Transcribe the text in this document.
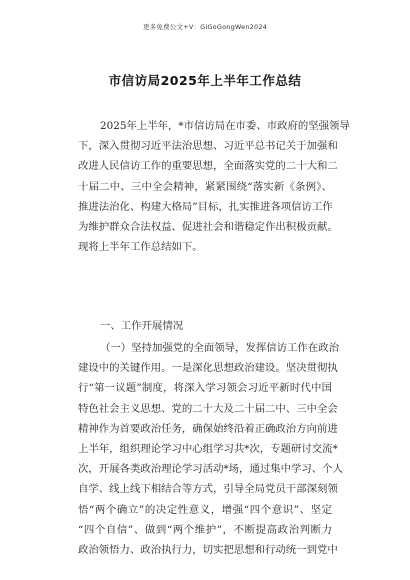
更多免费公文+V：GiGoGongWen2024
市信访局2025年上半年工作总结
2025年上半年，*市信访局在市委、市政府的坚强领导
下，深入贯彻习近平法治思想、习近平总书记关于加强和
改进人民信访工作的重要思想，全面落实党的二十大和二
十届二中、三中全会精神，紧紧围绕“落实新《条例》、
推进法治化、构建大格局”目标，扎实推进各项信访工作
为维护群众合法权益、促进社会和谐稳定作出积极贡献。
现将上半年工作总结如下。
一、工作开展情况
（一）坚持加强党的全面领导，发挥信访工作在政治
建设中的关键作用。一是深化思想政治建设。坚决贯彻执
行“第一议题”制度，将深入学习领会习近平新时代中国
特色社会主义思想、党的二十大及二十届二中、三中全会
精神作为首要政治任务，确保始终沿着正确政治方向前进
上半年，组织理论学习中心组学习共*次，专题研讨交流*
次，开展各类政治理论学习活动*场，通过集中学习、个人
自学、线上线下相结合等方式，引导全局党员干部深刻领
悟“两个确立”的决定性意义，增强“四个意识”、坚定
“四个自信”、做到“两个维护”，不断提高政治判断力
政治领悟力、政治执行力，切实把思想和行动统一到党中
